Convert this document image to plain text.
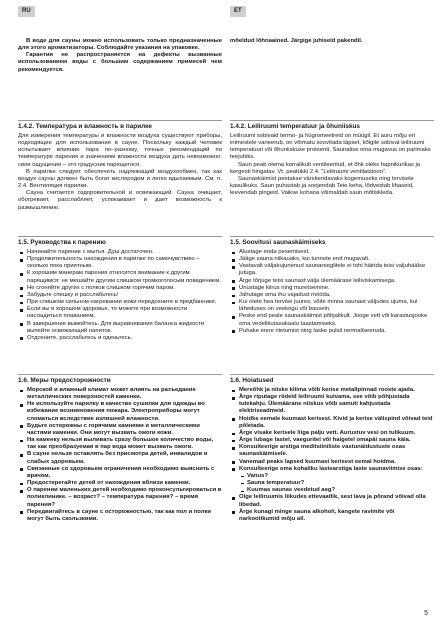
RU	ET

В воде для сауны можно использовать только предназначенные для этого ароматизаторы. Соблюдайте указания на упаковке.

Гарантия не распространяется на дефекты вызванные использованием воды с большим содержанием примесей чем рекомендуется.

1.4.2. Температура и влажность в парилке

Для измерения температуры и влажности воздуха существуют приборы, подходящие для использования в сауне. Поскольку каждый человек испытывает влияние пара по–разному, точных рекомендаций по температуре парения и значениям влажности воздуха дать невозможно: свои ощущения – это градусник парящегося.

В парилке следует обеспечить надлежащий воздухообмен, так как воздух сауны должен быть богат кислородом и легко вдыхаемым. См. п. 2.4. Вентиляция парилки.

Сауна считается оздоровительной и освежающей. Сауна очищает, обогревает, расслабляет, успокаивает и дает возможность к размышлению.

1.5. Руководства к парению
Начинайте парение с мытья. Душ достаточен.
Продолжительность нахождения в парилке по самочувствию – сколько пока приятным.
К хорошим манерам парения относится внимание к другим парящимся: не мешайте другим слишком громкоголосым поведением.
Не сгоняйте других с полков слишком горячим паром.
Забудьте спешку и расслабьтесь!
При слишком сильном нагревании кожи передохните в предбаннике.
Если вы в хорошем здоровье, то можете при возможности насладиться плаванием.
В завершение вымойтесь. Для выравнивания баланса жидкости выпейте освежающий напиток.
Отдохните, расслабьтесь и оденьтесь.
1.6. Меры предосторожности
Морской и влажный климат может влиять на разъедание металлических поверхностей каменки.
Не используйте парилку в качестве сушилки для одежды во избежание возникновения пожара. Электроприборы могут сломаться вследствие излишней влажности.
Будьте осторожны с горячими камнями и металлическими частями каменки. Они могут вызвать ожоги кожи.
На каменку нельзя выливать сразу большое количество воды, так как преобразуемая в пар вода может вызвать ожоги.
В сауне нельзя оставлять без присмотра детей, инвалидов и слабых здоровьем.
Связанные со здоровьем ограничения необходимо выяснить с врачом.
Предостерегайте детей от нахождения вблизи каменки.
О парении маленьких детей необходимо проконсультироваться в поликлинике. – возраст? – температура парения? – время парения?
Передвигайтесь в сауне с осторожностью, так как пол и полки могут быть скользкими.

mõeldud lõhnaained. Järgige juhiseid pakendil.

1.4.2. Leiliruumi temperatuur ja õhuniiskus

Leiliruumi sobivaid termo- ja hügromeetreid on müügil. Et auru mõju eri inimestele varieerub, on võimatu soovitada täpset, kõigile sobivat leiliruumi temperatuuri või õhuniiskuse protsenti. Saunalise oma mugavus on parimaks teejuhiks.

Saun peab olema korralikult ventileeritud, et õhk oleks hapnikurikas ja kergesti hingatav. Vt. peatükki 2.4. "Leiliruumi ventilatsioon".

Saunaskäimist peetakse värskendavaks kogemuseks ning tervisele kasulikuks. Saun puhastab ja soojendab Teie keha, lõdvestab lihaseid, leevendab pingeid. Vaikse kohana võimaldab saun mõtiskleda.

1.5. Soovitusi saunaskäimiseks
Alustage enda pesemisest.
Jääge sauna niikauaks, kui tunnete end mugavalt.
Vastavalt väljakujunenud saunareeglitele ei tohi häirida teisi valjuhäälse jutuga.
Ärge tõrjuge teisi saunast välja ülemäärase leiliviskamisega.
Unustage kiirus ning muretsemine.
Jahutage oma ihu vajadust mööda.
Kui olete hea tervise juures, võite minna saunast väljudes ujuma, kui läheduses on veekogu või bassein.
Peske end peale saunaskäimist põhjalikult. Jooge vett või karastusjooke oma vedelikutasakaalu taastamiseks.
Puhake enne riietumist ning laske pulsil normaliseeruda.
1.6. Hoiatused
Mereõhk ja niiske kliima võib kerise metallpinnad rooste ajada.
Ärge riputage riideid leiliruumi kuivama, see võib põhjustada tulekahju. Ülemäärane niiskus võib samuti kahjustada elektriseadmeid.
Hoidke eemale kuumast kerisest. Kivid ja kerise välispind võivad teid põletada.
Ärge visake kerisele liiga palju vett. Aurustuv vesi on tulikuum.
Ärge lubage lastel, vaeguritel või haigetel omapäi sauna käia.
Konsulteerige arstiga meditsiiniliste vastunäidustuste osas saunaskäimisele.
Vanemad peaks lapsed kuumast kerisest eemal hoidma.
Konsulteerige oma kohaliku lastearstiga laste saunaviimise osas:
Vanus?
Sauna temperatuur?
Kuumas saunas veedetud aeg?
Olge leiliruumis liikudes ettevaatlik, sest lava ja põrand võivad olla libedad.
Ärge kunagi minge sauna alkoholi, kangete ravimite või narkootikumid mõju all.
5
